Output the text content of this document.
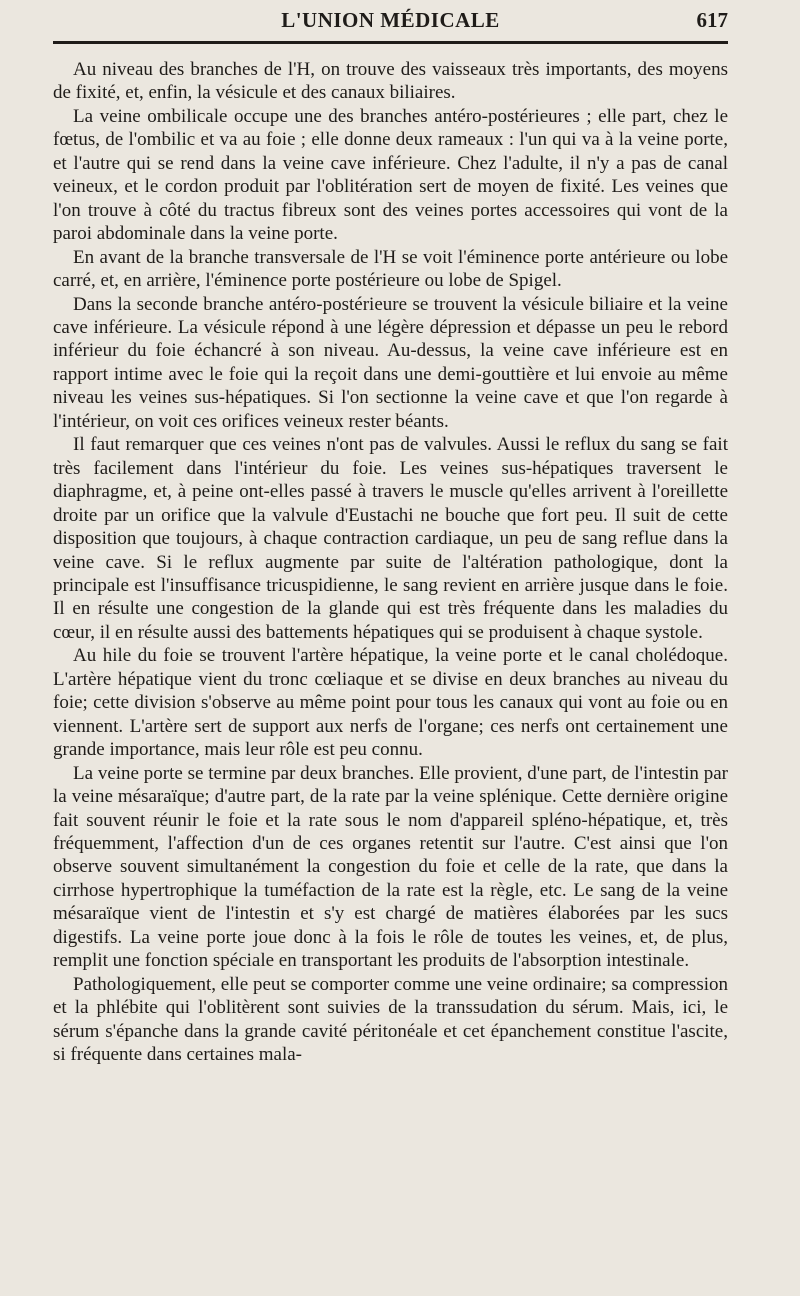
L'UNION MÉDICALE	617

Au niveau des branches de l'H, on trouve des vaisseaux très importants, des moyens de fixité, et, enfin, la vésicule et des canaux biliaires.

La veine ombilicale occupe une des branches antéro-postérieures ; elle part, chez le fœtus, de l'ombilic et va au foie ; elle donne deux rameaux : l'un qui va à la veine porte, et l'autre qui se rend dans la veine cave inférieure. Chez l'adulte, il n'y a pas de canal veineux, et le cordon produit par l'oblitération sert de moyen de fixité. Les veines que l'on trouve à côté du tractus fibreux sont des veines portes accessoires qui vont de la paroi abdominale dans la veine porte.

En avant de la branche transversale de l'H se voit l'éminence porte antérieure ou lobe carré, et, en arrière, l'éminence porte postérieure ou lobe de Spigel.

Dans la seconde branche antéro-postérieure se trouvent la vésicule biliaire et la veine cave inférieure. La vésicule répond à une légère dépression et dépasse un peu le rebord inférieur du foie échancré à son niveau. Au-dessus, la veine cave inférieure est en rapport intime avec le foie qui la reçoit dans une demi-gouttière et lui envoie au même niveau les veines sus-hépatiques. Si l'on sectionne la veine cave et que l'on regarde à l'intérieur, on voit ces orifices veineux rester béants.

Il faut remarquer que ces veines n'ont pas de valvules. Aussi le reflux du sang se fait très facilement dans l'intérieur du foie. Les veines sus-hépatiques traversent le diaphragme, et, à peine ont-elles passé à travers le muscle qu'elles arrivent à l'oreillette droite par un orifice que la valvule d'Eustachi ne bouche que fort peu. Il suit de cette disposition que toujours, à chaque contraction cardiaque, un peu de sang reflue dans la veine cave. Si le reflux augmente par suite de l'altération pathologique, dont la principale est l'insuffisance tricuspidienne, le sang revient en arrière jusque dans le foie. Il en résulte une congestion de la glande qui est très fréquente dans les maladies du cœur, il en résulte aussi des battements hépatiques qui se produisent à chaque systole.

Au hile du foie se trouvent l'artère hépatique, la veine porte et le canal cholédoque. L'artère hépatique vient du tronc cœliaque et se divise en deux branches au niveau du foie; cette division s'observe au même point pour tous les canaux qui vont au foie ou en viennent. L'artère sert de support aux nerfs de l'organe; ces nerfs ont certainement une grande importance, mais leur rôle est peu connu.

La veine porte se termine par deux branches. Elle provient, d'une part, de l'intestin par la veine mésaraïque; d'autre part, de la rate par la veine splénique. Cette dernière origine fait souvent réunir le foie et la rate sous le nom d'appareil spléno-hépatique, et, très fréquemment, l'affection d'un de ces organes retentit sur l'autre. C'est ainsi que l'on observe souvent simultanément la congestion du foie et celle de la rate, que dans la cirrhose hypertrophique la tuméfaction de la rate est la règle, etc. Le sang de la veine mésaraïque vient de l'intestin et s'y est chargé de matières élaborées par les sucs digestifs. La veine porte joue donc à la fois le rôle de toutes les veines, et, de plus, remplit une fonction spéciale en transportant les produits de l'absorption intestinale.

Pathologiquement, elle peut se comporter comme une veine ordinaire; sa compression et la phlébite qui l'oblitèrent sont suivies de la transsudation du sérum. Mais, ici, le sérum s'épanche dans la grande cavité péritonéale et cet épanchement constitue l'ascite, si fréquente dans certaines mala-
